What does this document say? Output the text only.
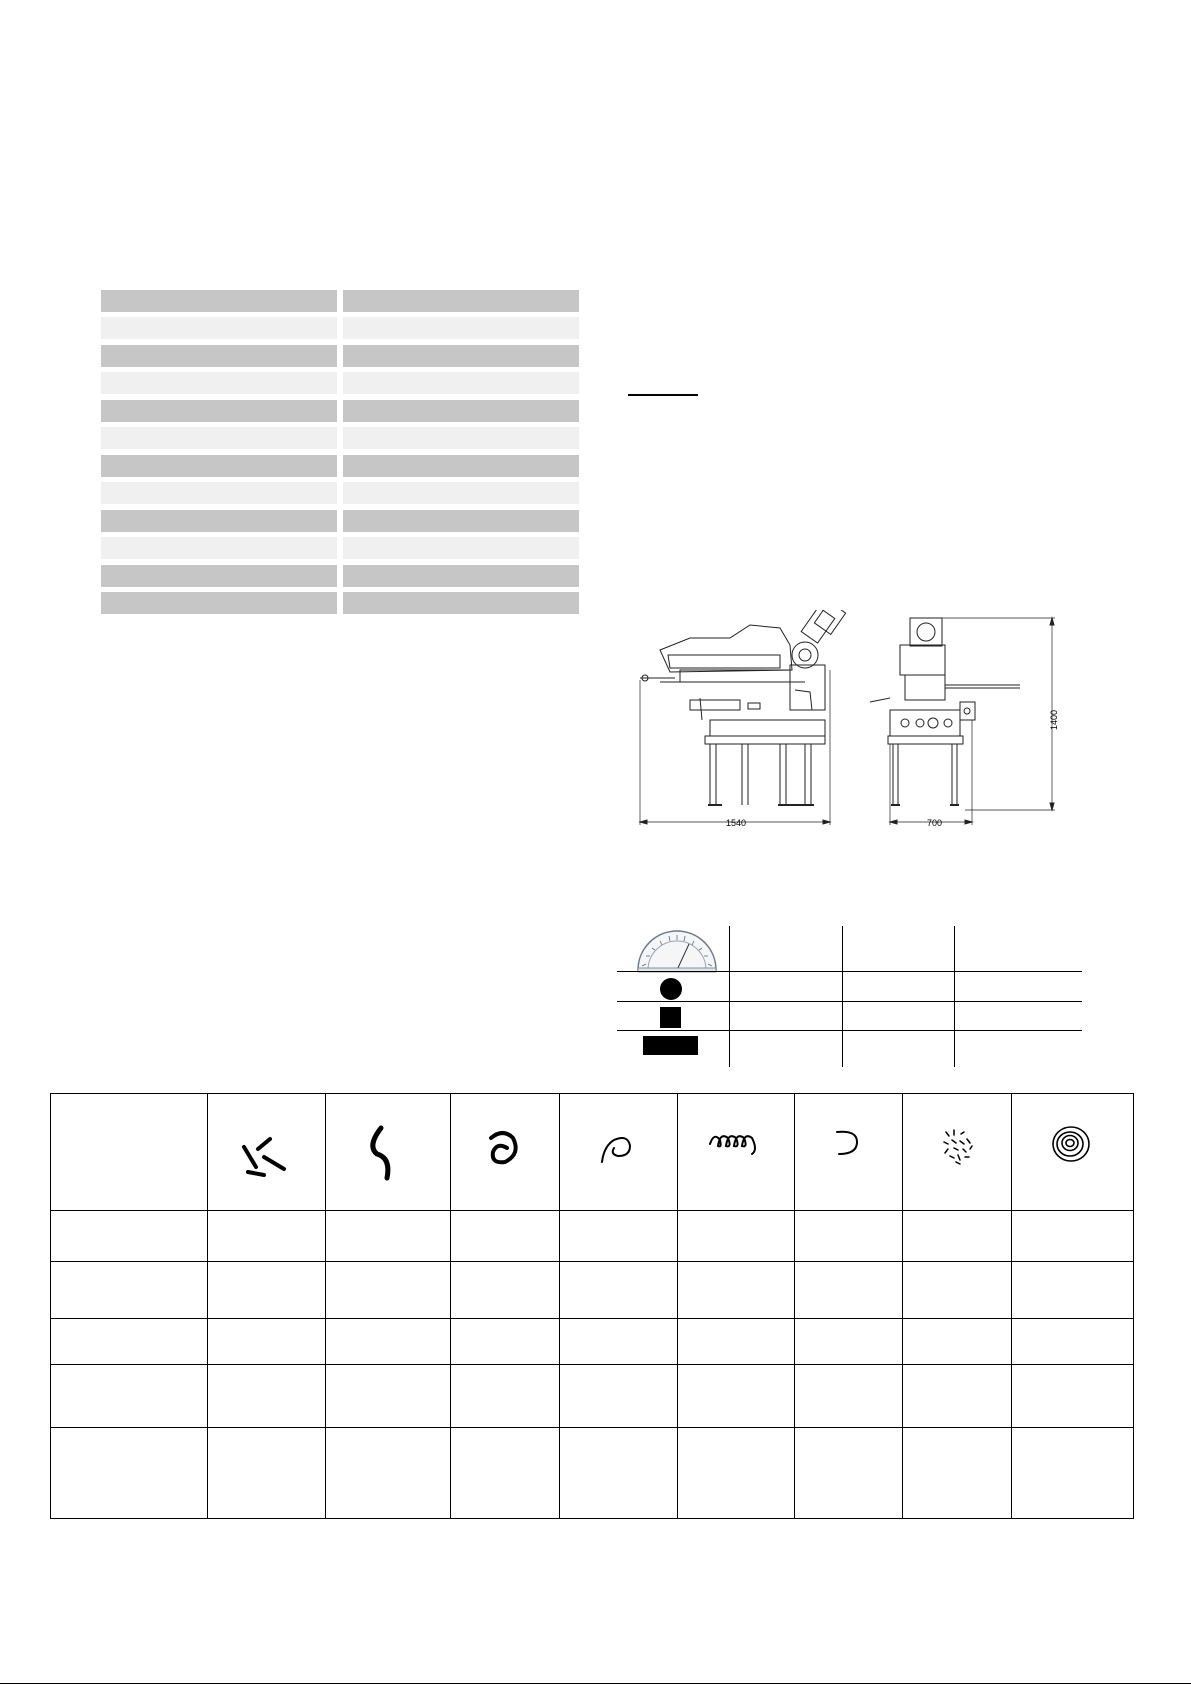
1540	700
1400
